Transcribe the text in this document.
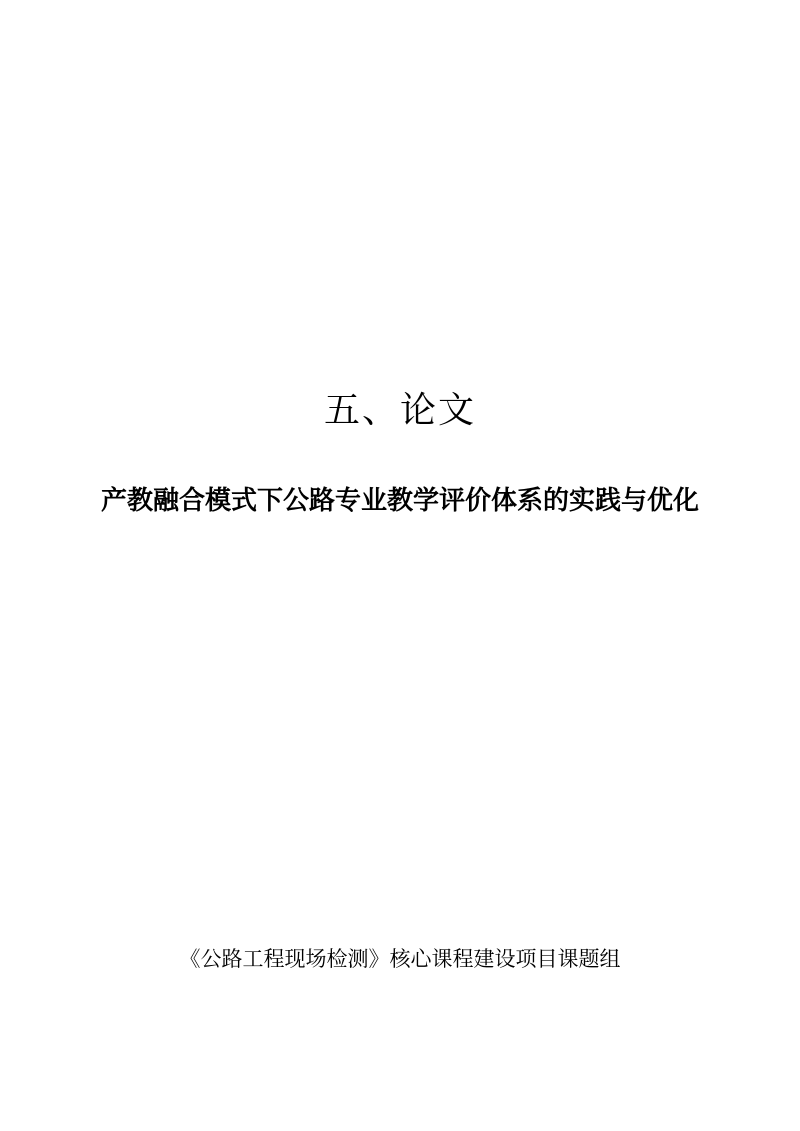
五、论文
产教融合模式下公路专业教学评价体系的实践与优化
《公路工程现场检测》核心课程建设项目课题组
